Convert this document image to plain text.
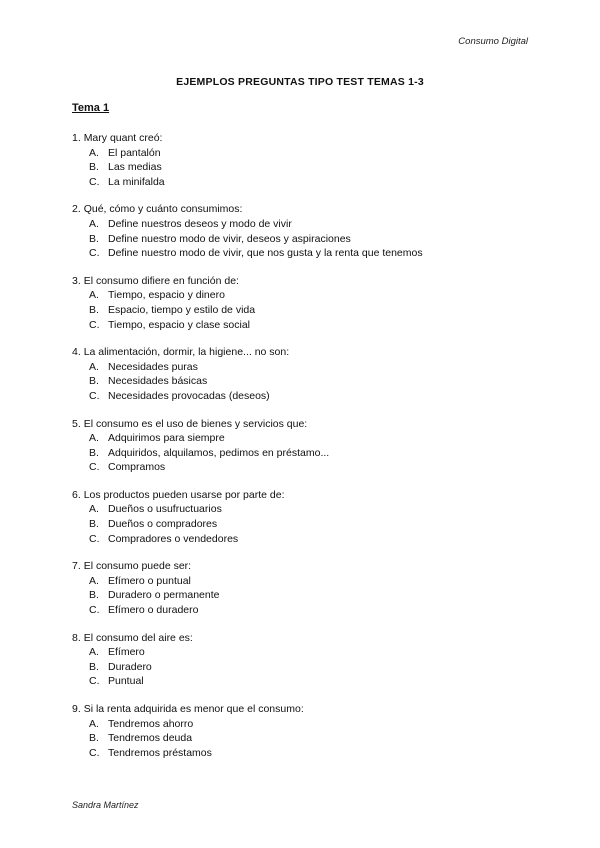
Consumo Digital
EJEMPLOS PREGUNTAS TIPO TEST TEMAS 1-3
Tema 1
1. Mary quant creó:
A. El pantalón
B. Las medias
C. La minifalda
2. Qué, cómo y cuánto consumimos:
A. Define nuestros deseos y modo de vivir
B. Define nuestro modo de vivir, deseos y aspiraciones
C. Define nuestro modo de vivir, que nos gusta y la renta que tenemos
3. El consumo difiere en función de:
A. Tiempo, espacio y dinero
B. Espacio, tiempo y estilo de vida
C. Tiempo, espacio y clase social
4. La alimentación, dormir, la higiene... no son:
A. Necesidades puras
B. Necesidades básicas
C. Necesidades provocadas (deseos)
5. El consumo es el uso de bienes y servicios que:
A. Adquirimos para siempre
B. Adquiridos, alquilamos, pedimos en préstamo...
C. Compramos
6. Los productos pueden usarse por parte de:
A. Dueños o usufructuarios
B. Dueños o compradores
C. Compradores o vendedores
7. El consumo puede ser:
A. Efímero o puntual
B. Duradero o permanente
C. Efímero o duradero
8. El consumo del aire es:
A. Efímero
B. Duradero
C. Puntual
9. Si la renta adquirida es menor que el consumo:
A. Tendremos ahorro
B. Tendremos deuda
C. Tendremos préstamos
Sandra Martínez
